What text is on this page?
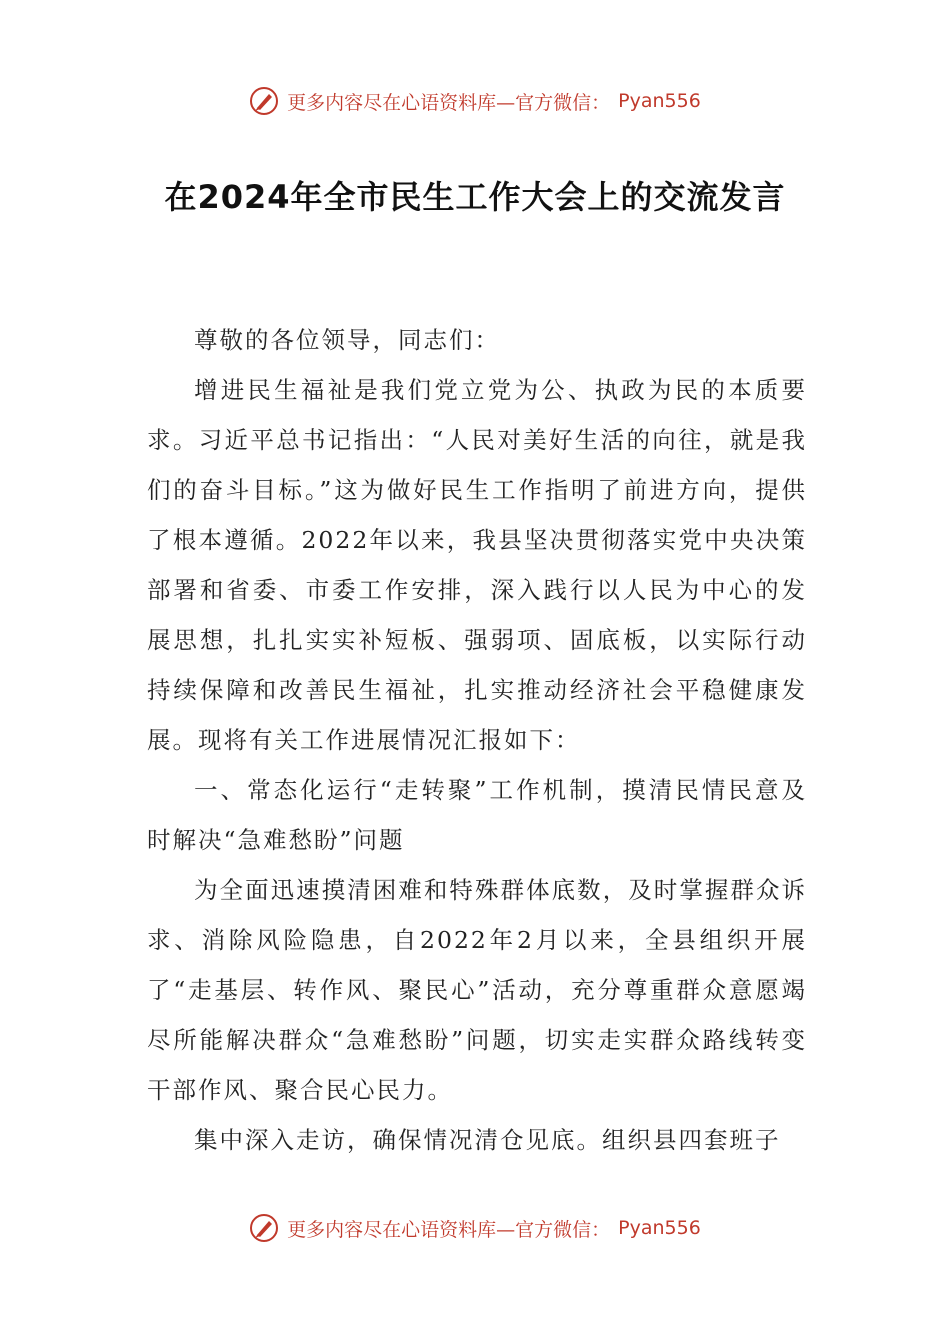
更多内容尽在心语资料库—官方微信： Pyan556
在2024年全市民生工作大会上的交流发言

尊敬的各位领导，同志们：

增进民生福祉是我们党立党为公、执政为民的本质要求。习近平总书记指出：“人民对美好生活的向往，就是我们的奋斗目标。”这为做好民生工作指明了前进方向，提供了根本遵循。2022年以来，我县坚决贯彻落实党中央决策部署和省委、市委工作安排，深入践行以人民为中心的发展思想，扎扎实实补短板、强弱项、固底板，以实际行动持续保障和改善民生福祉，扎实推动经济社会平稳健康发展。现将有关工作进展情况汇报如下：

一、常态化运行“走转聚”工作机制，摸清民情民意及时解决“急难愁盼”问题

为全面迅速摸清困难和特殊群体底数，及时掌握群众诉求、消除风险隐患，自2022年2月以来，全县组织开展了“走基层、转作风、聚民心”活动，充分尊重群众意愿竭尽所能解决群众“急难愁盼”问题，切实走实群众路线转变干部作风、聚合民心民力。

集中深入走访，确保情况清仓见底。组织县四套班子

更多内容尽在心语资料库—官方微信： Pyan556
